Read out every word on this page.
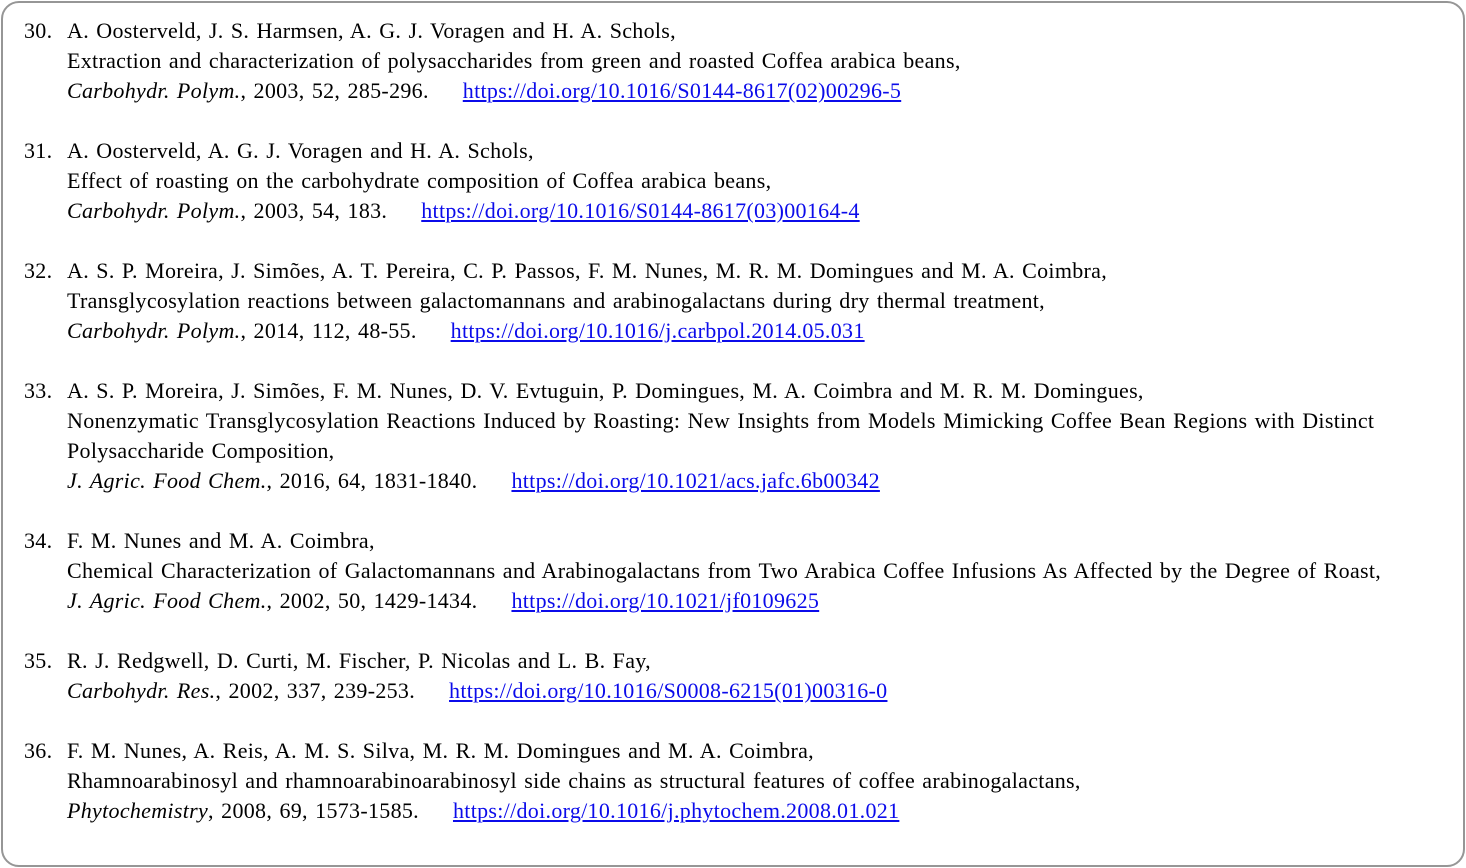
30. A. Oosterveld, J. S. Harmsen, A. G. J. Voragen and H. A. Schols,
Extraction and characterization of polysaccharides from green and roasted Coffea arabica beans,
Carbohydr. Polym., 2003, 52, 285-296. https://doi.org/10.1016/S0144-8617(02)00296-5
31. A. Oosterveld, A. G. J. Voragen and H. A. Schols,
Effect of roasting on the carbohydrate composition of Coffea arabica beans,
Carbohydr. Polym., 2003, 54, 183. https://doi.org/10.1016/S0144-8617(03)00164-4
32. A. S. P. Moreira, J. Simões, A. T. Pereira, C. P. Passos, F. M. Nunes, M. R. M. Domingues and M. A. Coimbra,
Transglycosylation reactions between galactomannans and arabinogalactans during dry thermal treatment,
Carbohydr. Polym., 2014, 112, 48-55. https://doi.org/10.1016/j.carbpol.2014.05.031
33. A. S. P. Moreira, J. Simões, F. M. Nunes, D. V. Evtuguin, P. Domingues, M. A. Coimbra and M. R. M. Domingues,
Nonenzymatic Transglycosylation Reactions Induced by Roasting: New Insights from Models Mimicking Coffee Bean Regions with Distinct Polysaccharide Composition,
J. Agric. Food Chem., 2016, 64, 1831-1840. https://doi.org/10.1021/acs.jafc.6b00342
34. F. M. Nunes and M. A. Coimbra,
Chemical Characterization of Galactomannans and Arabinogalactans from Two Arabica Coffee Infusions As Affected by the Degree of Roast,
J. Agric. Food Chem., 2002, 50, 1429-1434. https://doi.org/10.1021/jf0109625
35. R. J. Redgwell, D. Curti, M. Fischer, P. Nicolas and L. B. Fay,
Carbohydr. Res., 2002, 337, 239-253. https://doi.org/10.1016/S0008-6215(01)00316-0
36. F. M. Nunes, A. Reis, A. M. S. Silva, M. R. M. Domingues and M. A. Coimbra,
Rhamnoarabinosyl and rhamnoarabinoarabinosyl side chains as structural features of coffee arabinogalactans,
Phytochemistry, 2008, 69, 1573-1585. https://doi.org/10.1016/j.phytochem.2008.01.021
